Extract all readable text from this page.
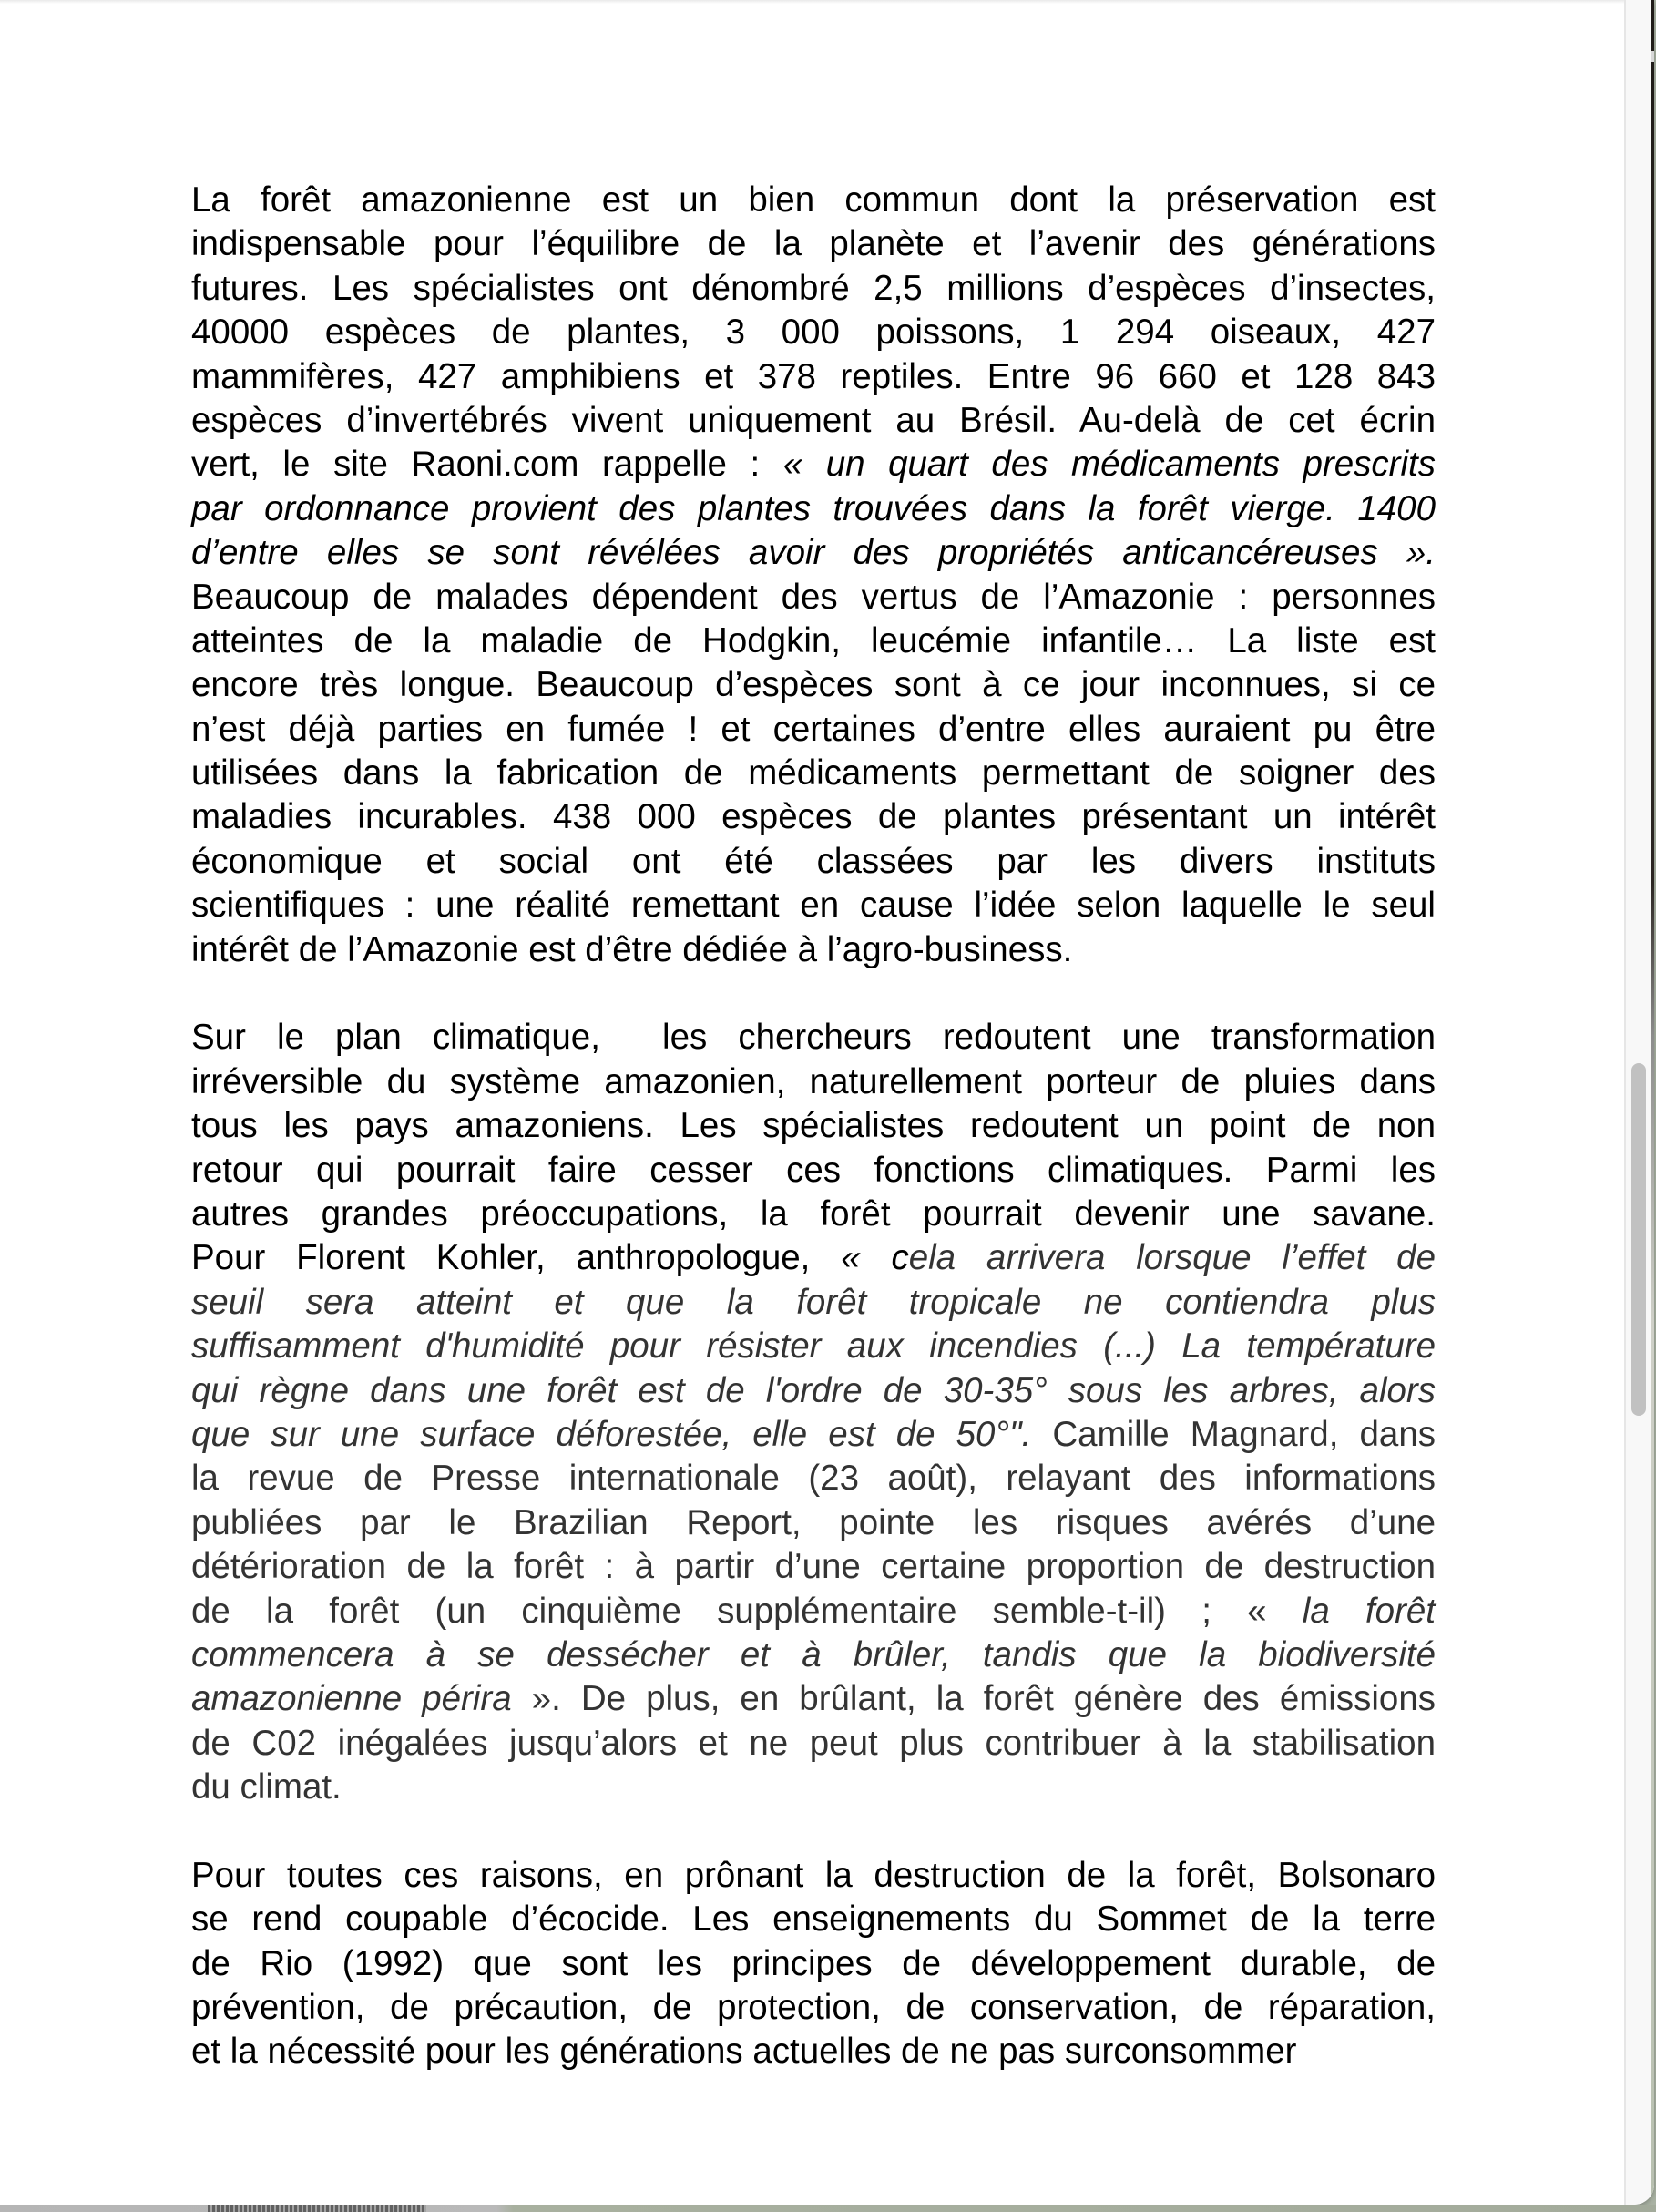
La forêt amazonienne est un bien commun dont la préservation est
indispensable pour l’équilibre de la planète et l’avenir des générations
futures. Les spécialistes ont dénombré 2,5 millions d’espèces d’insectes,
40000 espèces de plantes, 3 000 poissons, 1 294 oiseaux, 427
mammifères, 427 amphibiens et 378 reptiles. Entre 96 660 et 128 843
espèces d’invertébrés vivent uniquement au Brésil. Au-delà de cet écrin
vert, le site Raoni.com rappelle : « un quart des médicaments prescrits
par ordonnance provient des plantes trouvées dans la forêt vierge. 1400
d’entre elles se sont révélées avoir des propriétés anticancéreuses ».
Beaucoup de malades dépendent des vertus de l’Amazonie : personnes
atteintes de la maladie de Hodgkin, leucémie infantile… La liste est
encore très longue. Beaucoup d’espèces sont à ce jour inconnues, si ce
n’est déjà parties en fumée ! et certaines d’entre elles auraient pu être
utilisées dans la fabrication de médicaments permettant de soigner des
maladies incurables. 438 000 espèces de plantes présentant un intérêt
économique et social ont été classées par les divers instituts
scientifiques : une réalité remettant en cause l’idée selon laquelle le seul
intérêt de l’Amazonie est d’être dédiée à l’agro-business.

Sur le plan climatique,  les chercheurs redoutent une transformation
irréversible du système amazonien, naturellement porteur de pluies dans
tous les pays amazoniens. Les spécialistes redoutent un point de non
retour qui pourrait faire cesser ces fonctions climatiques. Parmi les
autres grandes préoccupations, la forêt pourrait devenir une savane.
Pour Florent Kohler, anthropologue, « cela arrivera lorsque l’effet de
seuil sera atteint et que la forêt tropicale ne contiendra plus
suffisamment d'humidité pour résister aux incendies (...) La température
qui règne dans une forêt est de l'ordre de 30-35° sous les arbres, alors
que sur une surface déforestée, elle est de 50°". Camille Magnard, dans
la revue de Presse internationale (23 août), relayant des informations
publiées par le Brazilian Report, pointe les risques avérés d’une
détérioration de la forêt : à partir d’une certaine proportion de destruction
de la forêt (un cinquième supplémentaire semble-t-il) ; « la forêt
commencera à se dessécher et à brûler, tandis que la biodiversité
amazonienne périra ». De plus, en brûlant, la forêt génère des émissions
de C02 inégalées jusqu’alors et ne peut plus contribuer à la stabilisation
du climat.

Pour toutes ces raisons, en prônant la destruction de la forêt, Bolsonaro
se rend coupable d’écocide. Les enseignements du Sommet de la terre
de Rio (1992) que sont les principes de développement durable, de
prévention, de précaution, de protection, de conservation, de réparation,
et la nécessité pour les générations actuelles de ne pas surconsommer
